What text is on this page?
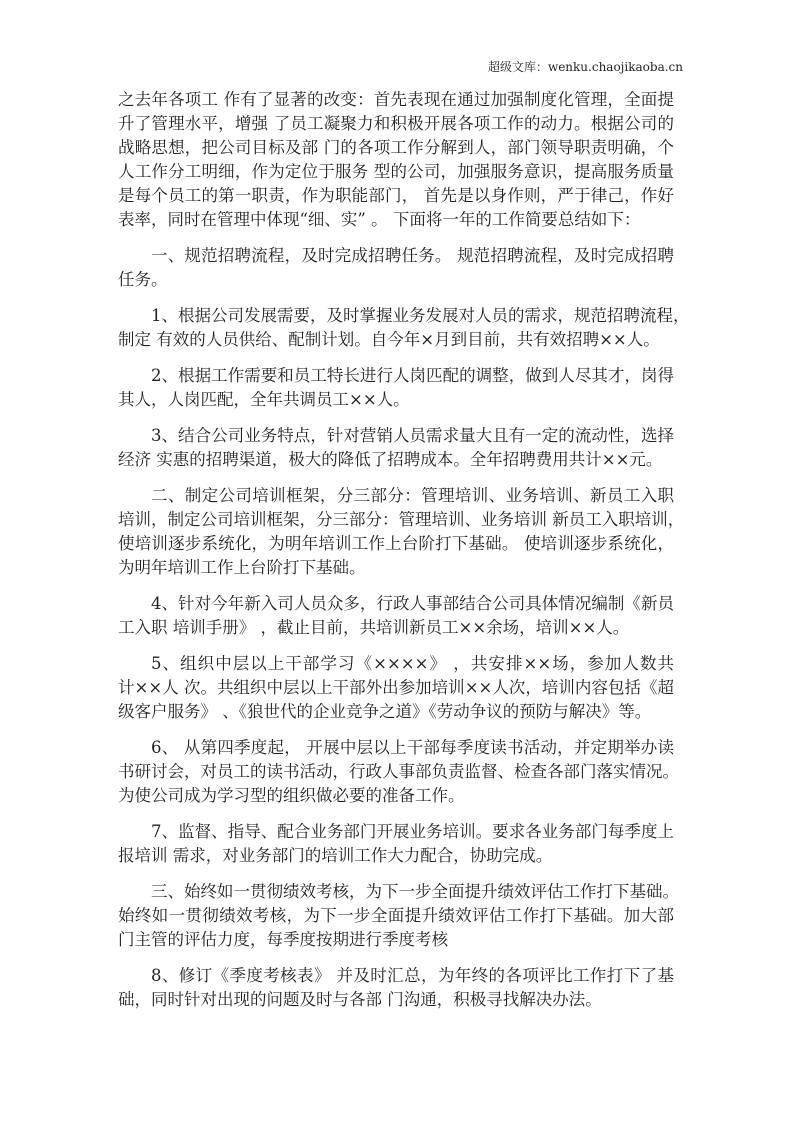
超级文库：wenku.chaojikaoba.cn
之去年各项工 作有了显著的改变：首先表现在通过加强制度化管理，全面提
升了管理水平，增强 了员工凝聚力和积极开展各项工作的动力。根据公司的
战略思想，把公司目标及部 门的各项工作分解到人，部门领导职责明确，个
人工作分工明细，作为定位于服务 型的公司，加强服务意识，提高服务质量
是每个员工的第一职责，作为职能部门， 首先是以身作则，严于律己，作好
表率，同时在管理中体现“细、实” 。 下面将一年的工作简要总结如下：
一、规范招聘流程，及时完成招聘任务。 规范招聘流程，及时完成招聘
任务。
1、根据公司发展需要，及时掌握业务发展对人员的需求，规范招聘流程，
制定 有效的人员供给、配制计划。自今年×月到目前，共有效招聘××人。
2、根据工作需要和员工特长进行人岗匹配的调整，做到人尽其才，岗得
其人，人岗匹配，全年共调员工××人。
3、结合公司业务特点，针对营销人员需求量大且有一定的流动性，选择
经济 实惠的招聘渠道，极大的降低了招聘成本。全年招聘费用共计××元。
二、制定公司培训框架，分三部分：管理培训、业务培训、新员工入职
培训，制定公司培训框架，分三部分：管理培训、业务培训 新员工入职培训，
使培训逐步系统化，为明年培训工作上台阶打下基础。 使培训逐步系统化，
为明年培训工作上台阶打下基础。
4、针对今年新入司人员众多，行政人事部结合公司具体情况编制《新员
工入职 培训手册》 ，截止目前，共培训新员工××余场，培训××人。
5、组织中层以上干部学习《××××》 ，共安排××场，参加人数共
计××人 次。共组织中层以上干部外出参加培训××人次，培训内容包括《超
级客户服务》 、《狼世代的企业竞争之道》《劳动争议的预防与解决》等。
6、 从第四季度起， 开展中层以上干部每季度读书活动，并定期举办读
书研讨会，对员工的读书活动，行政人事部负责监督、检查各部门落实情况。
为使公司成为学习型的组织做必要的准备工作。
7、监督、指导、配合业务部门开展业务培训。要求各业务部门每季度上
报培训 需求，对业务部门的培训工作大力配合，协助完成。
三、始终如一贯彻绩效考核，为下一步全面提升绩效评估工作打下基础。
始终如一贯彻绩效考核，为下一步全面提升绩效评估工作打下基础。加大部
门主管的评估力度，每季度按期进行季度考核
8、修订《季度考核表》 并及时汇总，为年终的各项评比工作打下了基
础，同时针对出现的问题及时与各部 门沟通，积极寻找解决办法。
